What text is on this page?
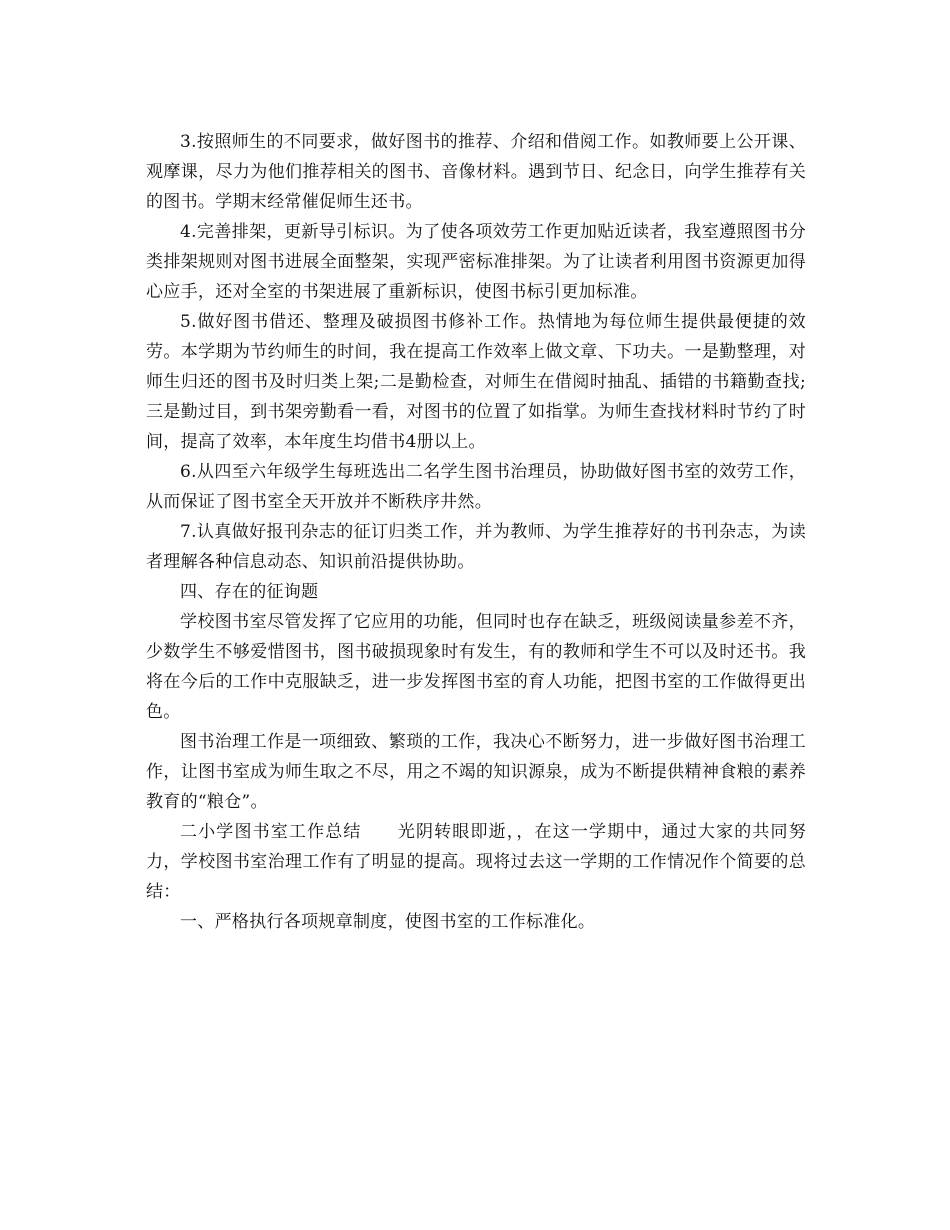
3.按照师生的不同要求，做好图书的推荐、介绍和借阅工作。如教师要上公开课、观摩课，尽力为他们推荐相关的图书、音像材料。遇到节日、纪念日，向学生推荐有关的图书。学期末经常催促师生还书。

4.完善排架，更新导引标识。为了使各项效劳工作更加贴近读者，我室遵照图书分类排架规则对图书进展全面整架，实现严密标准排架。为了让读者利用图书资源更加得心应手，还对全室的书架进展了重新标识，使图书标引更加标准。

5.做好图书借还、整理及破损图书修补工作。热情地为每位师生提供最便捷的效劳。本学期为节约师生的时间，我在提高工作效率上做文章、下功夫。一是勤整理，对师生归还的图书及时归类上架;二是勤检查，对师生在借阅时抽乱、插错的书籍勤查找;三是勤过目，到书架旁勤看一看，对图书的位置了如指掌。为师生查找材料时节约了时间，提高了效率，本年度生均借书4册以上。

6.从四至六年级学生每班选出二名学生图书治理员，协助做好图书室的效劳工作，从而保证了图书室全天开放并不断秩序井然。

7.认真做好报刊杂志的征订归类工作，并为教师、为学生推荐好的书刊杂志，为读者理解各种信息动态、知识前沿提供协助。

四、存在的征询题

学校图书室尽管发挥了它应用的功能，但同时也存在缺乏，班级阅读量参差不齐，少数学生不够爱惜图书，图书破损现象时有发生，有的教师和学生不可以及时还书。我将在今后的工作中克服缺乏，进一步发挥图书室的育人功能，把图书室的工作做得更出色。

图书治理工作是一项细致、繁琐的工作，我决心不断努力，进一步做好图书治理工作，让图书室成为师生取之不尽，用之不竭的知识源泉，成为不断提供精神食粮的素养教育的“粮仓”。

二小学图书室工作总结　　光阴转眼即逝，，在这一学期中，通过大家的共同努力，学校图书室治理工作有了明显的提高。现将过去这一学期的工作情况作个简要的总结：

一、严格执行各项规章制度，使图书室的工作标准化。
